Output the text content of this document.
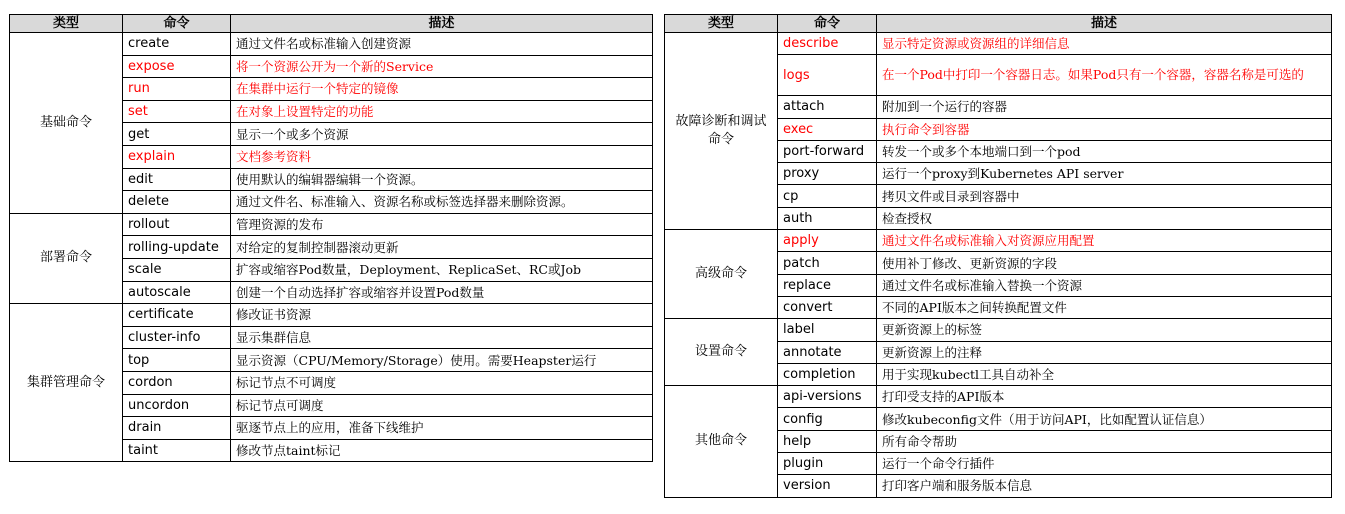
类型	命令	描述
基础命令	create	通过文件名或标准输入创建资源
	expose	将一个资源公开为一个新的Service
	run	在集群中运行一个特定的镜像
	set	在对象上设置特定的功能
	get	显示一个或多个资源
	explain	文档参考资料
	edit	使用默认的编辑器编辑一个资源。
	delete	通过文件名、标准输入、资源名称或标签选择器来删除资源。
部署命令	rollout	管理资源的发布
	rolling-update	对给定的复制控制器滚动更新
	scale	扩容或缩容Pod数量，Deployment、ReplicaSet、RC或Job
	autoscale	创建一个自动选择扩容或缩容并设置Pod数量
集群管理命令	certificate	修改证书资源
	cluster-info	显示集群信息
	top	显示资源（CPU/Memory/Storage）使用。需要Heapster运行
	cordon	标记节点不可调度
	uncordon	标记节点可调度
	drain	驱逐节点上的应用，准备下线维护
	taint	修改节点taint标记
类型	命令	描述
故障诊断和调试命令	describe	显示特定资源或资源组的详细信息
	logs	在一个Pod中打印一个容器日志。如果Pod只有一个容器，容器名称是可选的
	attach	附加到一个运行的容器
	exec	执行命令到容器
	port-forward	转发一个或多个本地端口到一个pod
	proxy	运行一个proxy到Kubernetes API server
	cp	拷贝文件或目录到容器中
	auth	检查授权
高级命令	apply	通过文件名或标准输入对资源应用配置
	patch	使用补丁修改、更新资源的字段
	replace	通过文件名或标准输入替换一个资源
	convert	不同的API版本之间转换配置文件
设置命令	label	更新资源上的标签
	annotate	更新资源上的注释
	completion	用于实现kubectl工具自动补全
其他命令	api-versions	打印受支持的API版本
	config	修改kubeconfig文件（用于访问API，比如配置认证信息）
	help	所有命令帮助
	plugin	运行一个命令行插件
	version	打印客户端和服务版本信息
